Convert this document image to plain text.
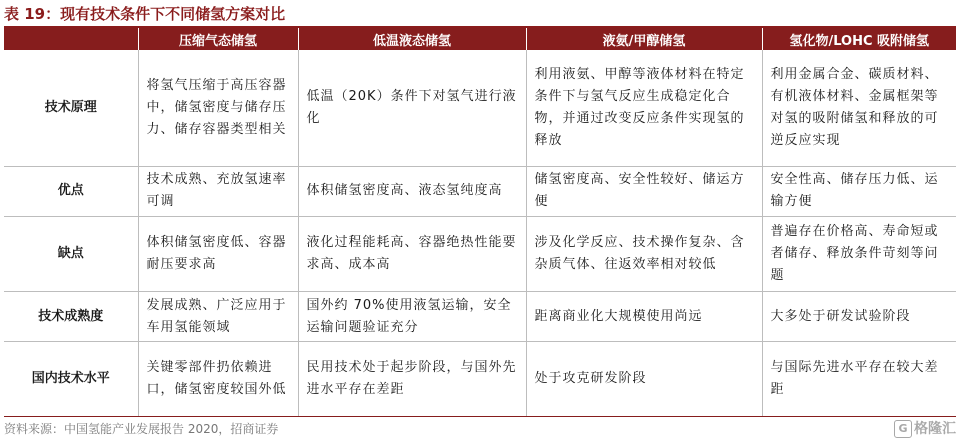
表 19：现有技术条件下不同储氢方案对比
	压缩气态储氢	低温液态储氢	液氨/甲醇储氢	氢化物/LOHC 吸附储氢
技术原理	将氢气压缩于高压容器中，储氢密度与储存压力、储存容器类型相关	低温（20K）条件下对氢气进行液化	利用液氨、甲醇等液体材料在特定条件下与氢气反应生成稳定化合物，并通过改变反应条件实现氢的释放	利用金属合金、碳质材料、有机液体材料、金属框架等对氢的吸附储氢和释放的可逆反应实现
优点	技术成熟、充放氢速率可调	体积储氢密度高、液态氢纯度高	储氢密度高、安全性较好、储运方便	安全性高、储存压力低、运输方便
缺点	体积储氢密度低、容器耐压要求高	液化过程能耗高、容器绝热性能要求高、成本高	涉及化学反应、技术操作复杂、含杂质气体、往返效率相对较低	普遍存在价格高、寿命短或者储存、释放条件苛刻等问题
技术成熟度	发展成熟、广泛应用于车用氢能领域	国外约 70%使用液氢运输，安全运输问题验证充分	距离商业化大规模使用尚远	大多处于研发试验阶段
国内技术水平	关键零部件扔依赖进口，储氢密度较国外低	民用技术处于起步阶段，与国外先进水平存在差距	处于攻克研发阶段	与国际先进水平存在较大差距
资料来源：中国氢能产业发展报告 2020，招商证券	G 格隆汇
